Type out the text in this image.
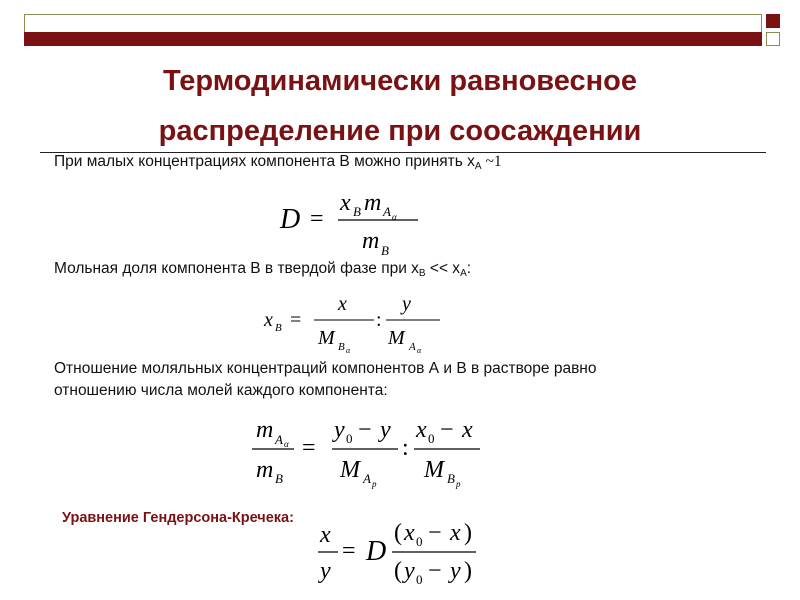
Термодинамически равновесное
распределение при соосаждении
При малых концентрациях компонента В можно принять $x_A$ ~1
D =
x B m A α
m B
Мольная доля компонента В в твердой фазе при $x_B << x_A$:
x B =
x
M B α
:
y
M A α
Отношение моляльных концентраций компонентов А и В в растворе равно
отношению числа молей каждого компонента:
m A α
m B
=
y 0 − y
M A p
:
x 0 − x
M B p
Уравнение Гендерсона-Кречека:
x
y
= D
( x 0 − x )
( y 0 − y )
